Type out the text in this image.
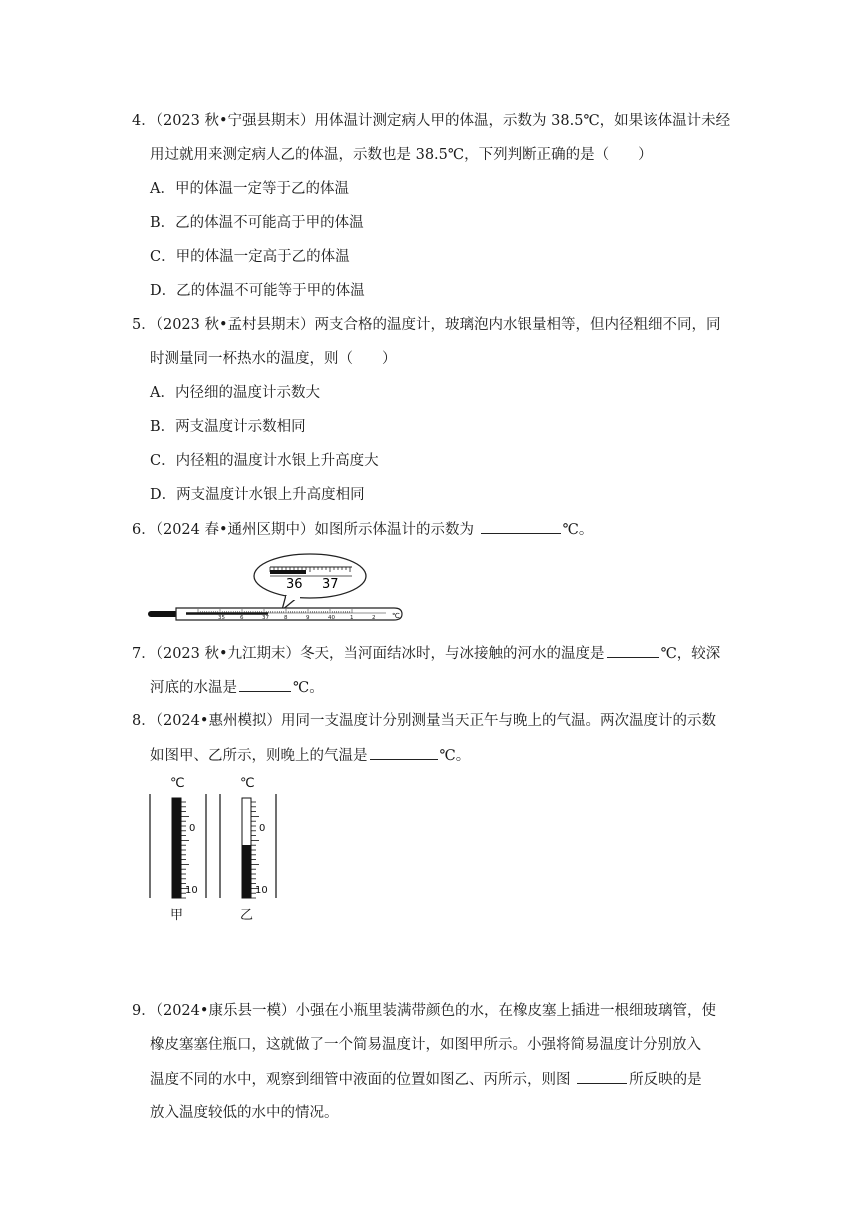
4．（2023 秋•宁强县期末）用体温计测定病人甲的体温，示数为 38.5℃，如果该体温计未经
用过就用来测定病人乙的体温，示数也是 38.5℃，下列判断正确的是（　　）
A．甲的体温一定等于乙的体温
B．乙的体温不可能高于甲的体温
C．甲的体温一定高于乙的体温
D．乙的体温不可能等于甲的体温
5．（2023 秋•孟村县期末）两支合格的温度计，玻璃泡内水银量相等，但内径粗细不同，同
时测量同一杯热水的温度，则（　　）
A．内径细的温度计示数大
B．两支温度计示数相同
C．内径粗的温度计水银上升高度大
D．两支温度计水银上升高度相同
6．（2024 春•通州区期中）如图所示体温计的示数为	℃。
36 37
35	6	37	8	9	40	1	2 ℃
7．（2023 秋•九江期末）冬天，当河面结冰时，与冰接触的河水的温度是	℃，较深
河底的水温是	℃。
8．（2024•惠州模拟）用同一支温度计分别测量当天正午与晚上的气温。两次温度计的示数
如图甲、乙所示，则晚上的气温是	℃。
℃
0
10
甲
℃
0
10
乙
9．（2024•康乐县一模）小强在小瓶里装满带颜色的水，在橡皮塞上插进一根细玻璃管，使
橡皮塞塞住瓶口，这就做了一个简易温度计，如图甲所示。小强将简易温度计分别放入
温度不同的水中，观察到细管中液面的位置如图乙、丙所示，则图	所反映的是
放入温度较低的水中的情况。
